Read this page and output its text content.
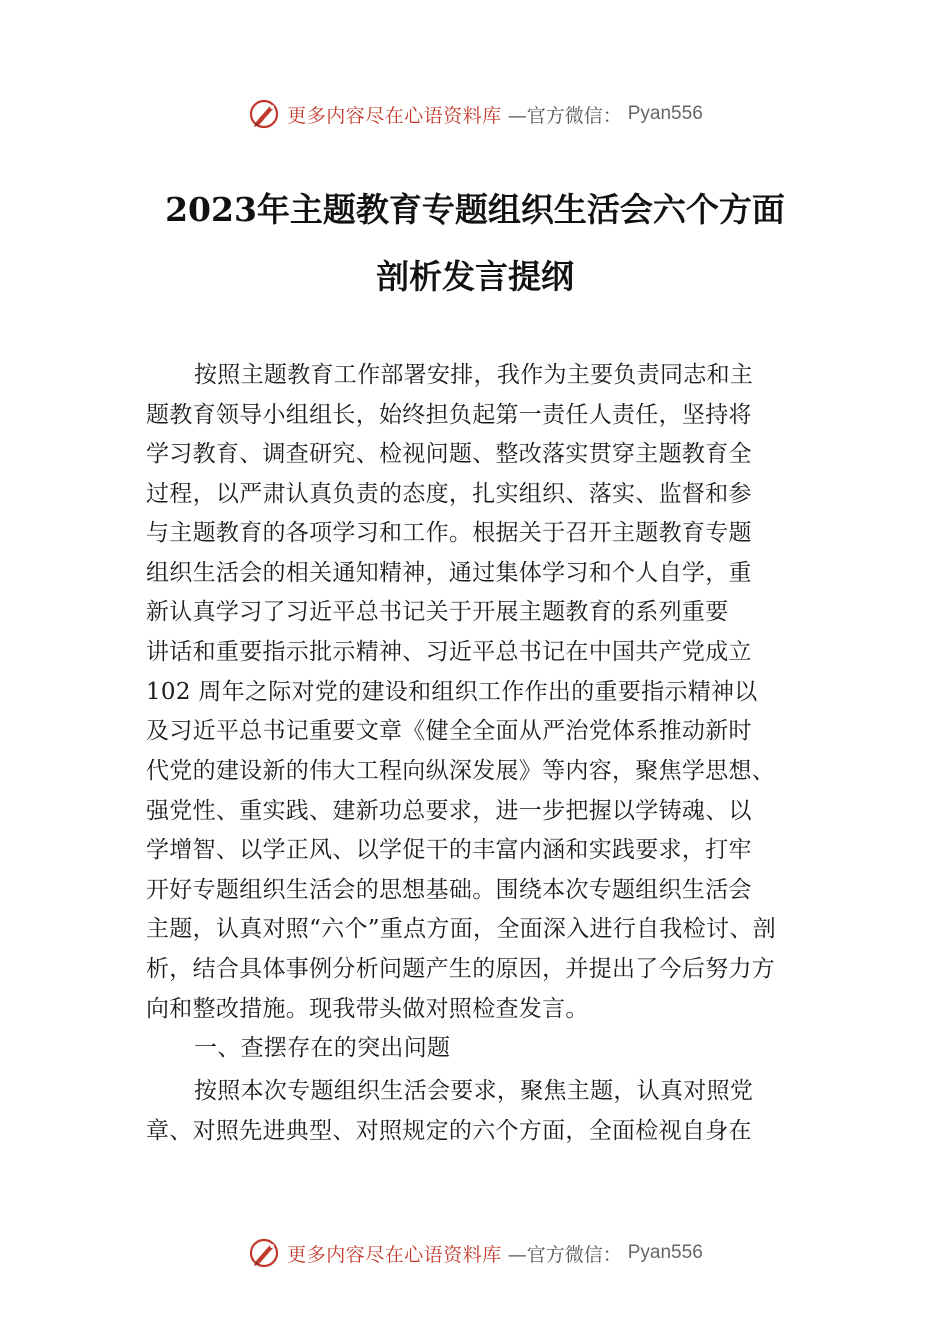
更多内容尽在心语资料库 —官方微信： Pyan556
2023年主题教育专题组织生活会六个方面
剖析发言提纲
按照主题教育工作部署安排，我作为主要负责同志和主
题教育领导小组组长，始终担负起第一责任人责任，坚持将
学习教育、调查研究、检视问题、整改落实贯穿主题教育全
过程，以严肃认真负责的态度，扎实组织、落实、监督和参
与主题教育的各项学习和工作。根据关于召开主题教育专题
组织生活会的相关通知精神，通过集体学习和个人自学，重
新认真学习了习近平总书记关于开展主题教育的系列重要
讲话和重要指示批示精神、习近平总书记在中国共产党成立
102 周年之际对党的建设和组织工作作出的重要指示精神以
及习近平总书记重要文章《健全全面从严治党体系推动新时
代党的建设新的伟大工程向纵深发展》等内容，聚焦学思想、
强党性、重实践、建新功总要求，进一步把握以学铸魂、以
学增智、以学正风、以学促干的丰富内涵和实践要求，打牢
开好专题组织生活会的思想基础。围绕本次专题组织生活会
主题，认真对照“六个”重点方面，全面深入进行自我检讨、剖
析，结合具体事例分析问题产生的原因，并提出了今后努力方
向和整改措施。现我带头做对照检查发言。
一、查摆存在的突出问题
按照本次专题组织生活会要求，聚焦主题，认真对照党
章、对照先进典型、对照规定的六个方面，全面检视自身在
更多内容尽在心语资料库 —官方微信： Pyan556
